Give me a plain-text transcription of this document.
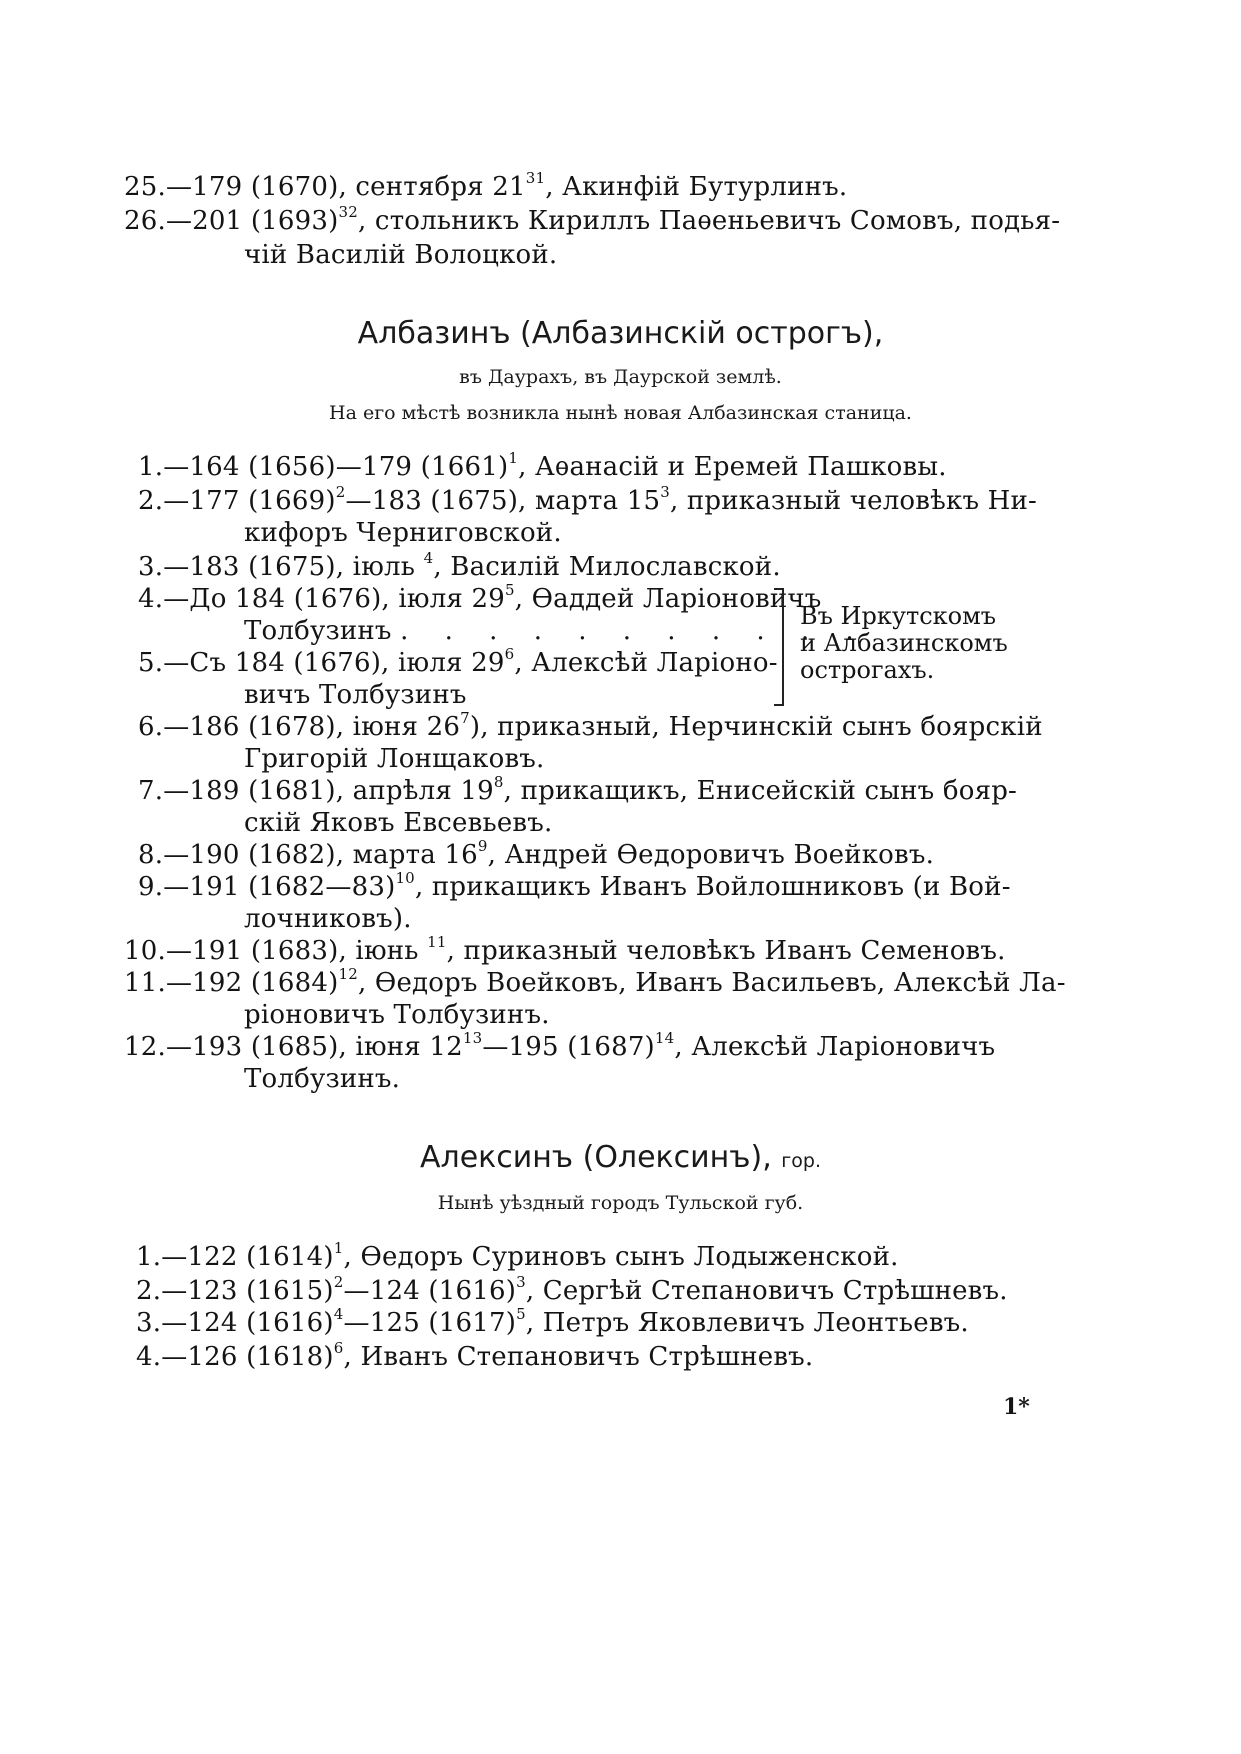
25.—179 (1670), сентября $21^{31}$, Акинфій Бутурлинъ.
26.—201 $(1693)^{32}$, стольникъ Кириллъ Паѳеньевичъ Сомовъ, подья-
чій Василій Волоцкой.
Албазинъ (Албазинскій острогъ),
въ Даурахъ, въ Даурской землѣ.
На его мѣстѣ возникла нынѣ новая Албазинская станица.
1.—164 (1656)—179 $(1661)^1$, Аѳанасій и Еремей Пашковы.
2.—177 $(1669)^2—183$ (1675), марта $15^3$, приказный человѣкъ Ни-
кифоръ Черниговской.
3.—183 (1675), іюль $^4$, Василій Милославской.
4.—До 184 (1676), іюля $29^5$, Ѳаддей Ларіоновичъ
Толбузинъ . . . . . . . . . . .
5.—Съ 184 (1676), іюля $29^6$, Алексѣй Ларіоно-
вичъ Толбузинъ
Въ Иркутскомъ
и Албазинскомъ
острогахъ.
6.—186 (1678), іюня $26^7$), приказный, Нерчинскій сынъ боярскій
Григорій Лонщаковъ.
7.—189 (1681), апрѣля $19^8$, прикащикъ, Енисейскій сынъ бояр-
скій Яковъ Евсевьевъ.
8.—190 (1682), марта $16^9$, Андрей Ѳедоровичъ Воейковъ.
9.—191 (1682—83)$^{10}$, прикащикъ Иванъ Войлошниковъ (и Вой-
лочниковъ).
10.—191 (1683), іюнь $^{11}$, приказный человѣкъ Иванъ Семеновъ.
11.—192 $(1684)^{12}$, Ѳедоръ Воейковъ, Иванъ Васильевъ, Алексѣй Ла-
ріоновичъ Толбузинъ.
12.—193 (1685), іюня $12^{13}—195$ $(1687)^{14}$, Алексѣй Ларіоновичъ
Толбузинъ.
Алексинъ (Олексинъ), гор.
Нынѣ уѣздный городъ Тульской губ.
1.—122 $(1614)^1$, Ѳедоръ Суриновъ сынъ Лодыженской.
2.—123 $(1615)^2—124$ $(1616)^3$, Сергѣй Степановичъ Стрѣшневъ.
3.—124 $(1616)^4—125$ $(1617)^5$, Петръ Яковлевичъ Леонтьевъ.
4.—126 $(1618)^6$, Иванъ Степановичъ Стрѣшневъ.
1*
